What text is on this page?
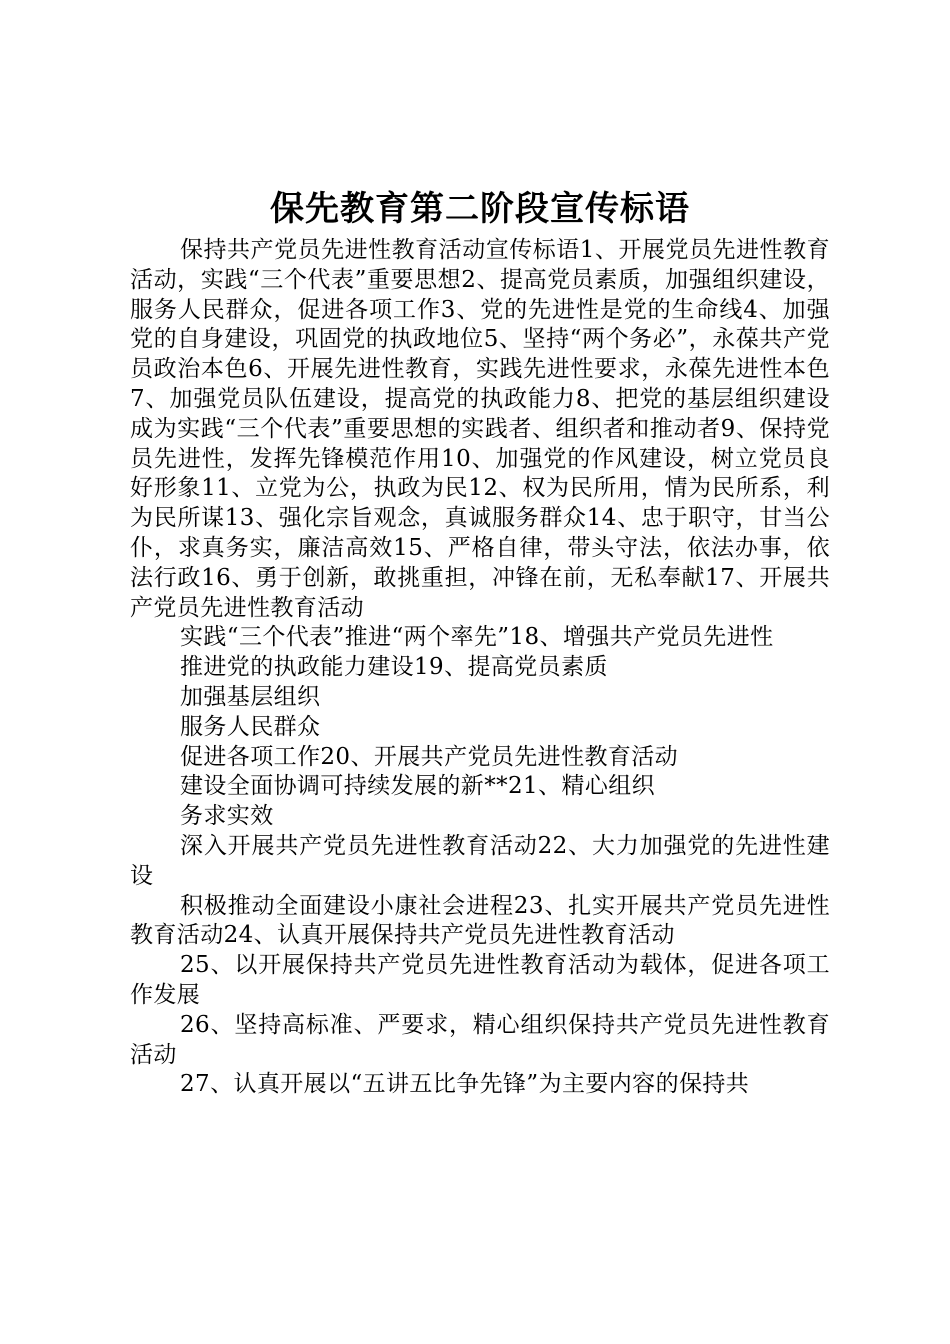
保先教育第二阶段宣传标语

保持共产党员先进性教育活动宣传标语1、开展党员先进性教育活动，实践“三个代表”重要思想2、提高党员素质，加强组织建设，服务人民群众，促进各项工作3、党的先进性是党的生命线4、加强党的自身建设，巩固党的执政地位5、坚持“两个务必”，永葆共产党员政治本色6、开展先进性教育，实践先进性要求，永葆先进性本色7、加强党员队伍建设，提高党的执政能力8、把党的基层组织建设成为实践“三个代表”重要思想的实践者、组织者和推动者9、保持党员先进性，发挥先锋模范作用10、加强党的作风建设，树立党员良好形象11、立党为公，执政为民12、权为民所用，情为民所系，利为民所谋13、强化宗旨观念，真诚服务群众14、忠于职守，甘当公仆，求真务实，廉洁高效15、严格自律，带头守法，依法办事，依法行政16、勇于创新，敢挑重担，冲锋在前，无私奉献17、开展共产党员先进性教育活动

实践“三个代表”推进“两个率先”18、增强共产党员先进性

推进党的执政能力建设19、提高党员素质

加强基层组织

服务人民群众

促进各项工作20、开展共产党员先进性教育活动

建设全面协调可持续发展的新**21、精心组织

务求实效

深入开展共产党员先进性教育活动22、大力加强党的先进性建设

积极推动全面建设小康社会进程23、扎实开展共产党员先进性教育活动24、认真开展保持共产党员先进性教育活动

25、以开展保持共产党员先进性教育活动为载体，促进各项工作发展

26、坚持高标准、严要求，精心组织保持共产党员先进性教育活动

27、认真开展以“五讲五比争先锋”为主要内容的保持共
